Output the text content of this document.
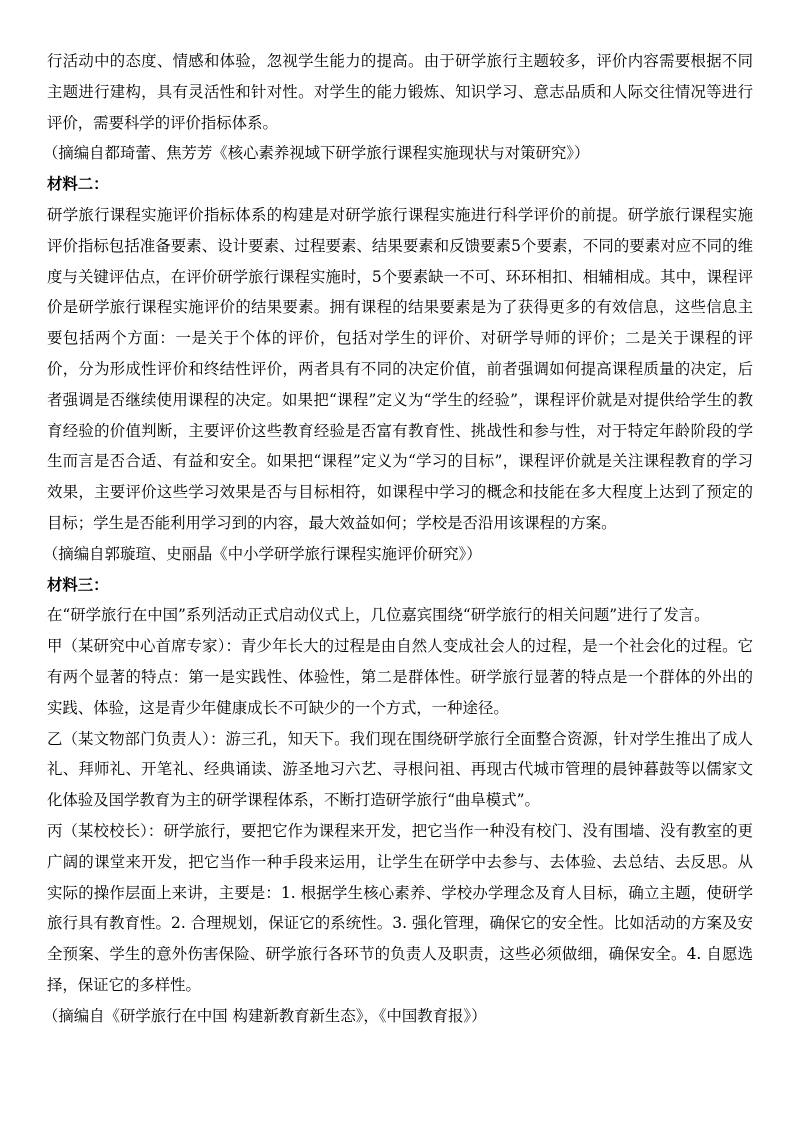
行活动中的态度、情感和体验，忽视学生能力的提高。由于研学旅行主题较多，评价内容需要根据不同主题进行建构，具有灵活性和针对性。对学生的能力锻炼、知识学习、意志品质和人际交往情况等进行评价，需要科学的评价指标体系。

（摘编自都琦蕾、焦芳芳《核心素养视域下研学旅行课程实施现状与对策研究》）

材料二：

研学旅行课程实施评价指标体系的构建是对研学旅行课程实施进行科学评价的前提。研学旅行课程实施评价指标包括准备要素、设计要素、过程要素、结果要素和反馈要素5个要素，不同的要素对应不同的维度与关键评估点，在评价研学旅行课程实施时，5个要素缺一不可、环环相扣、相辅相成。其中，课程评价是研学旅行课程实施评价的结果要素。拥有课程的结果要素是为了获得更多的有效信息，这些信息主要包括两个方面：一是关于个体的评价，包括对学生的评价、对研学导师的评价；二是关于课程的评价，分为形成性评价和终结性评价，两者具有不同的决定价值，前者强调如何提高课程质量的决定，后者强调是否继续使用课程的决定。如果把“课程”定义为“学生的经验”，课程评价就是对提供给学生的教育经验的价值判断，主要评价这些教育经验是否富有教育性、挑战性和参与性，对于特定年龄阶段的学生而言是否合适、有益和安全。如果把“课程”定义为“学习的目标”，课程评价就是关注课程教育的学习效果，主要评价这些学习效果是否与目标相符，如课程中学习的概念和技能在多大程度上达到了预定的目标；学生是否能利用学习到的内容，最大效益如何；学校是否沿用该课程的方案。

（摘编自郭璇瑄、史丽晶《中小学研学旅行课程实施评价研究》）

材料三：

在“研学旅行在中国”系列活动正式启动仪式上，几位嘉宾围绕“研学旅行的相关问题”进行了发言。

甲（某研究中心首席专家）：青少年长大的过程是由自然人变成社会人的过程，是一个社会化的过程。它有两个显著的特点：第一是实践性、体验性，第二是群体性。研学旅行显著的特点是一个群体的外出的实践、体验，这是青少年健康成长不可缺少的一个方式，一种途径。

乙（某文物部门负责人）：游三孔，知天下。我们现在围绕研学旅行全面整合资源，针对学生推出了成人礼、拜师礼、开笔礼、经典诵读、游圣地习六艺、寻根问祖、再现古代城市管理的晨钟暮鼓等以儒家文化体验及国学教育为主的研学课程体系，不断打造研学旅行“曲阜模式”。

丙（某校校长）：研学旅行，要把它作为课程来开发，把它当作一种没有校门、没有围墙、没有教室的更广阔的课堂来开发，把它当作一种手段来运用，让学生在研学中去参与、去体验、去总结、去反思。从实际的操作层面上来讲，主要是：1. 根据学生核心素养、学校办学理念及育人目标，确立主题，使研学旅行具有教育性。2. 合理规划，保证它的系统性。3. 强化管理，确保它的安全性。比如活动的方案及安全预案、学生的意外伤害保险、研学旅行各环节的负责人及职责，这些必须做细，确保安全。4. 自愿选择，保证它的多样性。

（摘编自《研学旅行在中国 构建新教育新生态》，《中国教育报》）
